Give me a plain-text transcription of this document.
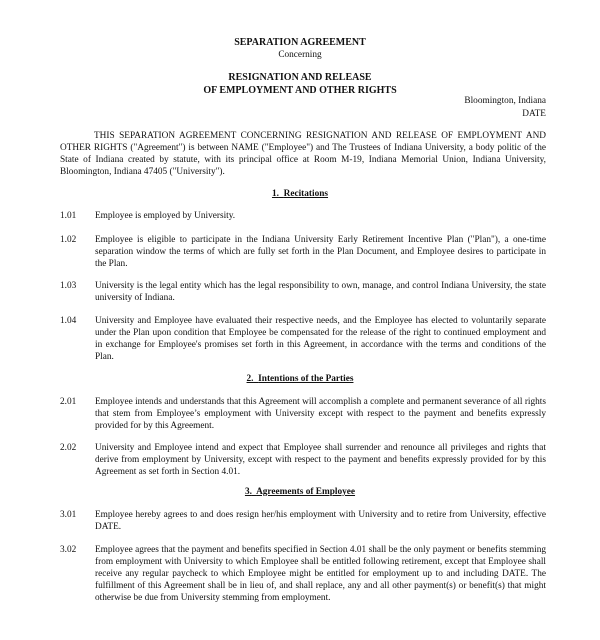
SEPARATION AGREEMENT
Concerning
RESIGNATION AND RELEASE
OF EMPLOYMENT AND OTHER RIGHTS
Bloomington, Indiana
DATE
THIS SEPARATION AGREEMENT CONCERNING RESIGNATION AND RELEASE OF EMPLOYMENT AND OTHER RIGHTS ("Agreement") is between NAME ("Employee") and The Trustees of Indiana University, a body politic of the State of Indiana created by statute, with its principal office at Room M-19, Indiana Memorial Union, Indiana University, Bloomington, Indiana 47405 ("University").
1. Recitations
1.01	Employee is employed by University.
1.02	Employee is eligible to participate in the Indiana University Early Retirement Incentive Plan ("Plan"), a one-time separation window the terms of which are fully set forth in the Plan Document, and Employee desires to participate in the Plan.
1.03	University is the legal entity which has the legal responsibility to own, manage, and control Indiana University, the state university of Indiana.
1.04	University and Employee have evaluated their respective needs, and the Employee has elected to voluntarily separate under the Plan upon condition that Employee be compensated for the release of the right to continued employment and in exchange for Employee's promises set forth in this Agreement, in accordance with the terms and conditions of the Plan.
2. Intentions of the Parties
2.01	Employee intends and understands that this Agreement will accomplish a complete and permanent severance of all rights that stem from Employee’s employment with University except with respect to the payment and benefits expressly provided for by this Agreement.
2.02	University and Employee intend and expect that Employee shall surrender and renounce all privileges and rights that derive from employment by University, except with respect to the payment and benefits expressly provided for by this Agreement as set forth in Section 4.01.
3. Agreements of Employee
3.01	Employee hereby agrees to and does resign her/his employment with University and to retire from University, effective DATE.
3.02	Employee agrees that the payment and benefits specified in Section 4.01 shall be the only payment or benefits stemming from employment with University to which Employee shall be entitled following retirement, except that Employee shall receive any regular paycheck to which Employee might be entitled for employment up to and including DATE. The fulfillment of this Agreement shall be in lieu of, and shall replace, any and all other payment(s) or benefit(s) that might otherwise be due from University stemming from employment.
